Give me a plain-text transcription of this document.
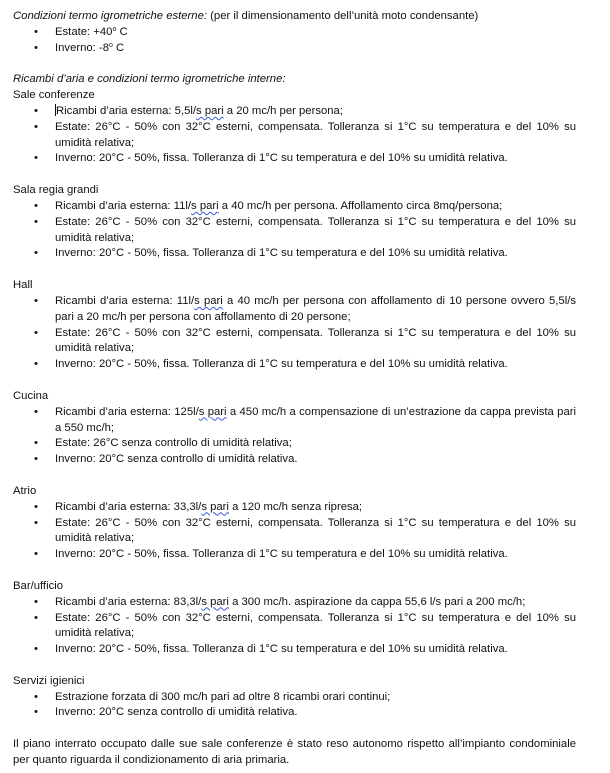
Condizioni termo igrometriche esterne: (per il dimensionamento dell’unità moto condensante)

• Estate: $+40^o$ C
• Inverno: -8$^o$ C

Ricambi d’aria e condizioni termo igrometriche interne:

Sale conferenze

• Ricambi d’aria esterna: 5,5l/s pari a 20 mc/h per persona;
• Estate: 26°C - 50% con 32°C esterni, compensata. Tolleranza si 1°C su temperatura e del 10% su umidità relativa;
• Inverno: 20°C - 50%, fissa. Tolleranza di 1°C su temperatura e del 10% su umidità relativa.

Sala regia grandi

• Ricambi d’aria esterna: 11l/s pari a 40 mc/h per persona. Affollamento circa 8mq/persona;
• Estate: 26°C - 50% con 32°C esterni, compensata. Tolleranza si 1°C su temperatura e del 10% su umidità relativa;
• Inverno: 20°C - 50%, fissa. Tolleranza di 1°C su temperatura e del 10% su umidità relativa.

Hall

• Ricambi d’aria esterna: 11l/s pari a 40 mc/h per persona con affollamento di 10 persone ovvero 5,5l/s pari a 20 mc/h per persona con affollamento di 20 persone;
• Estate: 26°C - 50% con 32°C esterni, compensata. Tolleranza si 1°C su temperatura e del 10% su umidità relativa;
• Inverno: 20°C - 50%, fissa. Tolleranza di 1°C su temperatura e del 10% su umidità relativa.

Cucina

• Ricambi d’aria esterna: 125l/s pari a 450 mc/h a compensazione di un’estrazione da cappa prevista pari a 550 mc/h;
• Estate: 26°C senza controllo di umidità relativa;
• Inverno: 20°C senza controllo di umidità relativa.

Atrio

• Ricambi d’aria esterna: 33,3l/s pari a 120 mc/h senza ripresa;
• Estate: 26°C - 50% con 32°C esterni, compensata. Tolleranza si 1°C su temperatura e del 10% su umidità relativa;
• Inverno: 20°C - 50%, fissa. Tolleranza di 1°C su temperatura e del 10% su umidità relativa.

Bar/ufficio

• Ricambi d’aria esterna: 83,3l/s pari a 300 mc/h. aspirazione da cappa 55,6 l/s pari a 200 mc/h;
• Estate: 26°C - 50% con 32°C esterni, compensata. Tolleranza si 1°C su temperatura e del 10% su umidità relativa;
• Inverno: 20°C - 50%, fissa. Tolleranza di 1°C su temperatura e del 10% su umidità relativa.

Servizi igienici

• Estrazione forzata di 300 mc/h pari ad oltre 8 ricambi orari continui;
• Inverno: 20°C senza controllo di umidità relativa.

Il piano interrato occupato dalle sue sale conferenze è stato reso autonomo rispetto all’impianto condominiale per quanto riguarda il condizionamento di aria primaria.
